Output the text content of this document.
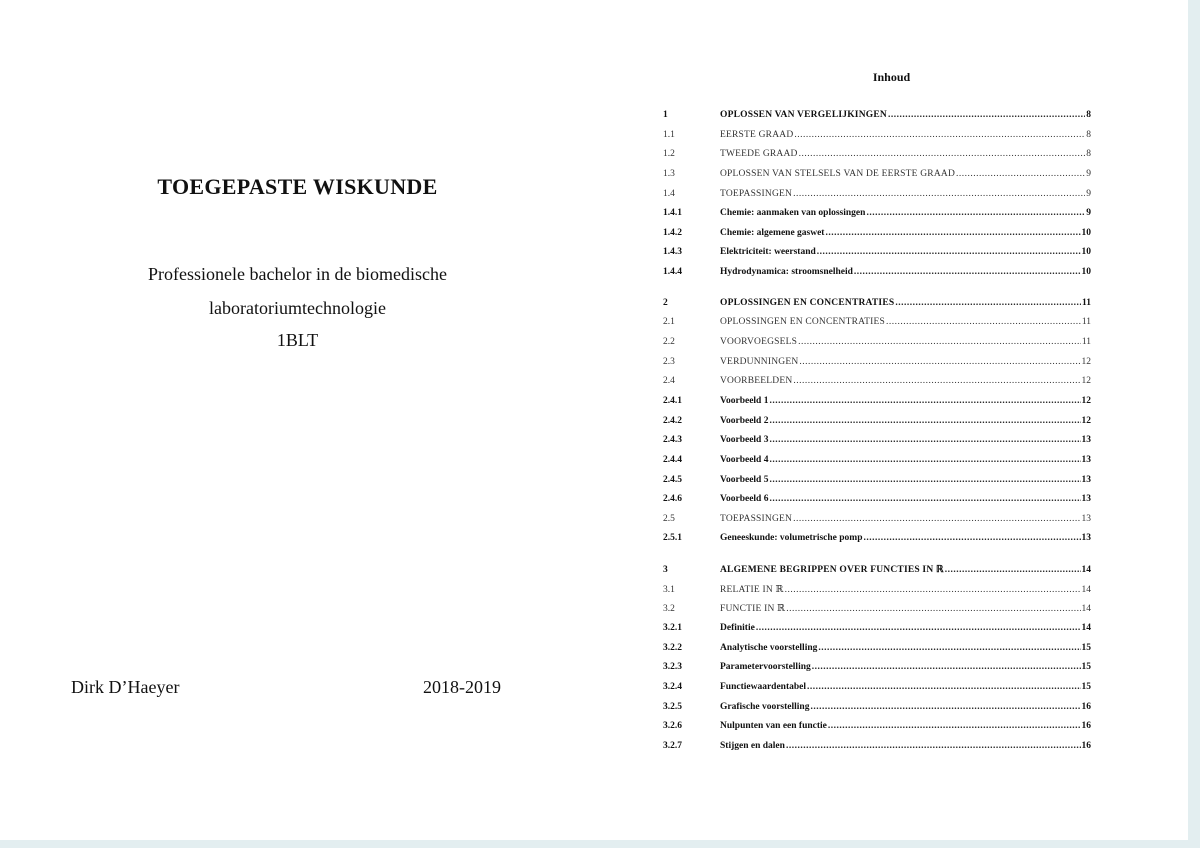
TOEGEPASTE WISKUNDE
Professionele bachelor in de biomedische
laboratoriumtechnologie
1BLT
Dirk D’Haeyer	2018-2019
Inhoud
1	OPLOSSEN VAN VERGELIJKINGEN .....	8
1.1	EERSTE GRAAD .....	8
1.2	TWEEDE GRAAD .....	8
1.3	OPLOSSEN VAN STELSELS VAN DE EERSTE GRAAD .....	9
1.4	TOEPASSINGEN .....	9
1.4.1	Chemie: aanmaken van oplossingen .....	9
1.4.2	Chemie: algemene gaswet .....	10
1.4.3	Elektriciteit: weerstand .....	10
1.4.4	Hydrodynamica: stroomsnelheid .....	10
2	OPLOSSINGEN EN CONCENTRATIES .....	11
2.1	OPLOSSINGEN EN CONCENTRATIES .....	11
2.2	VOORVOEGSELS .....	11
2.3	VERDUNNINGEN .....	12
2.4	VOORBEELDEN .....	12
2.4.1	Voorbeeld 1 .....	12
2.4.2	Voorbeeld 2 .....	12
2.4.3	Voorbeeld 3 .....	13
2.4.4	Voorbeeld 4 .....	13
2.4.5	Voorbeeld 5 .....	13
2.4.6	Voorbeeld 6 .....	13
2.5	TOEPASSINGEN .....	13
2.5.1	Geneeskunde: volumetrische pomp .....	13
3	ALGEMENE BEGRIPPEN OVER FUNCTIES IN ℝ .....	14
3.1	RELATIE IN ℝ .....	14
3.2	FUNCTIE IN ℝ .....	14
3.2.1	Definitie .....	14
3.2.2	Analytische voorstelling .....	15
3.2.3	Parametervoorstelling .....	15
3.2.4	Functiewaardentabel .....	15
3.2.5	Grafische voorstelling .....	16
3.2.6	Nulpunten van een functie .....	16
3.2.7	Stijgen en dalen .....	16
